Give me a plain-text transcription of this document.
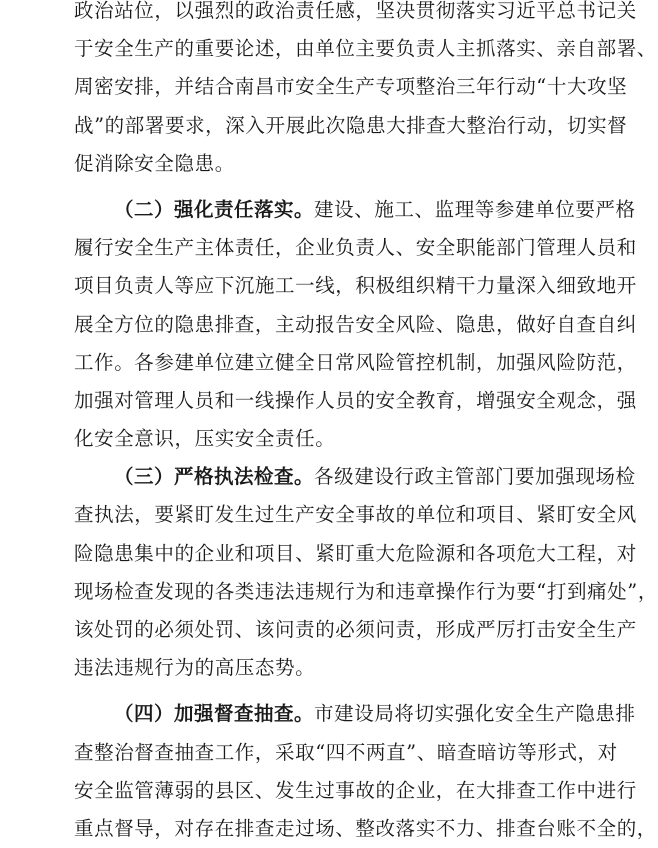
政治站位，以强烈的政治责任感，坚决贯彻落实习近平总书记关
于安全生产的重要论述，由单位主要负责人主抓落实、亲自部署、
周密安排，并结合南昌市安全生产专项整治三年行动“十大攻坚
战”的部署要求，深入开展此次隐患大排查大整治行动，切实督
促消除安全隐患。
（二）强化责任落实。建设、施工、监理等参建单位要严格
履行安全生产主体责任，企业负责人、安全职能部门管理人员和
项目负责人等应下沉施工一线，积极组织精干力量深入细致地开
展全方位的隐患排查，主动报告安全风险、隐患，做好自查自纠
工作。各参建单位建立健全日常风险管控机制，加强风险防范，
加强对管理人员和一线操作人员的安全教育，增强安全观念，强
化安全意识，压实安全责任。
（三）严格执法检查。各级建设行政主管部门要加强现场检
查执法，要紧盯发生过生产安全事故的单位和项目、紧盯安全风
险隐患集中的企业和项目、紧盯重大危险源和各项危大工程，对
现场检查发现的各类违法违规行为和违章操作行为要“打到痛处”，
该处罚的必须处罚、该问责的必须问责，形成严厉打击安全生产
违法违规行为的高压态势。
（四）加强督查抽查。市建设局将切实强化安全生产隐患排
查整治督查抽查工作，采取“四不两直”、暗查暗访等形式，对
安全监管薄弱的县区、发生过事故的企业，在大排查工作中进行
重点督导，对存在排查走过场、整改落实不力、排查台账不全的，
